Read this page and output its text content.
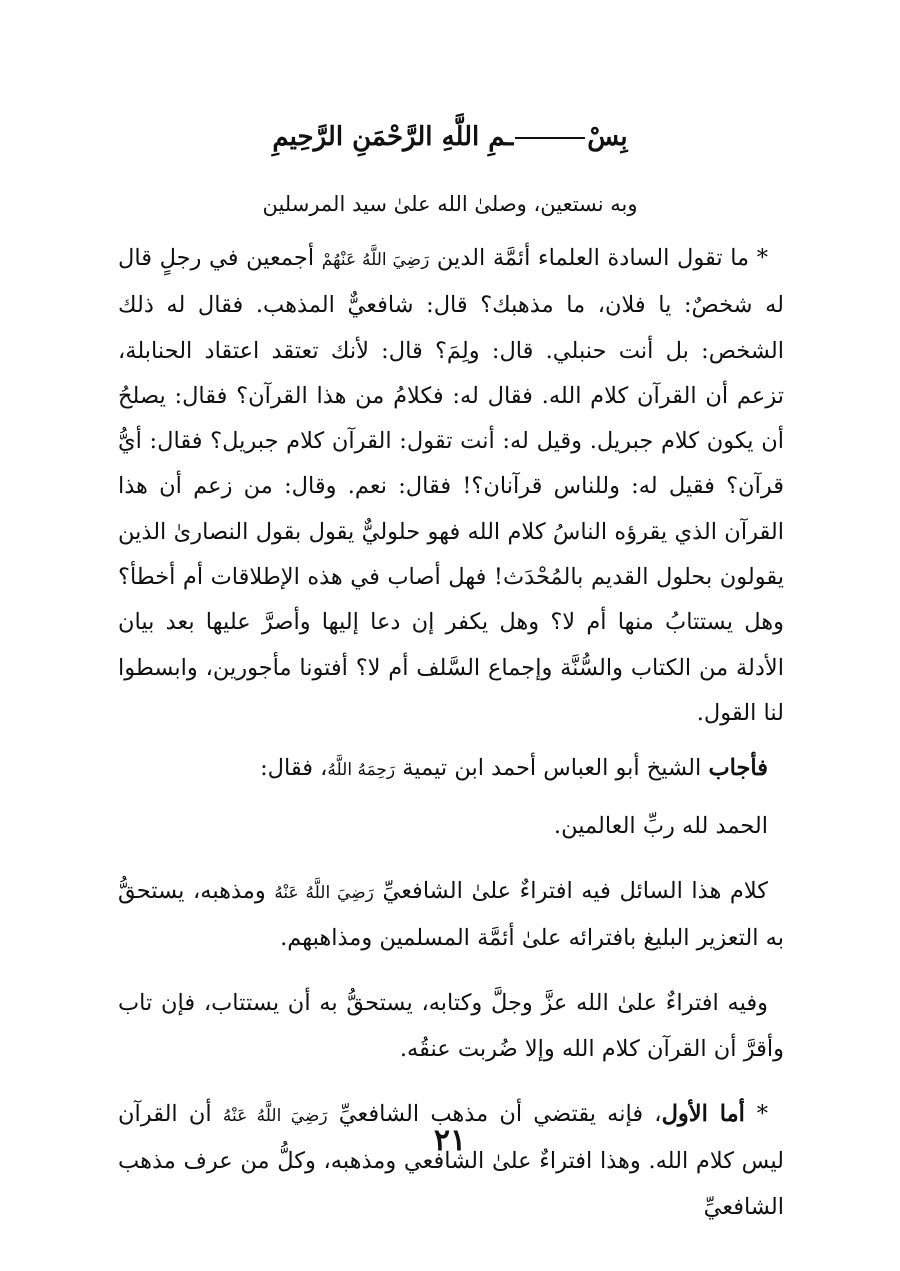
بِسْـمِ اللَّهِ الرَّحْمَنِ الرَّحِيمِ
وبه نستعين، وصلىٰ الله علىٰ سيد المرسلين

* ما تقول السادة العلماء أئمَّة الدين رَضِيَ اللَّهُ عَنْهُمْ أجمعين في رجلٍ قال له شخصٌ: يا فلان، ما مذهبك؟ قال: شافعيٌّ المذهب. فقال له ذلك الشخص: بل أنت حنبلي. قال: ولِمَ؟ قال: لأنك تعتقد اعتقاد الحنابلة، تزعم أن القرآن كلام الله. فقال له: فكلامُ من هذا القرآن؟ فقال: يصلحُ أن يكون كلام جبريل. وقيل له: أنت تقول: القرآن كلام جبريل؟ فقال: أيُّ قرآن؟ فقيل له: وللناس قرآنان؟! فقال: نعم. وقال: من زعم أن هذا القرآن الذي يقرؤه الناسُ كلام الله فهو حلوليٌّ يقول بقول النصارىٰ الذين يقولون بحلول القديم بالمُحْدَث! فهل أصاب في هذه الإطلاقات أم أخطأ؟ وهل يستتابُ منها أم لا؟ وهل يكفر إن دعا إليها وأصرَّ عليها بعد بيان الأدلة من الكتاب والسُّنَّة وإجماع السَّلف أم لا؟ أفتونا مأجورين، وابسطوا لنا القول.

فأجاب الشيخ أبو العباس أحمد ابن تيمية رَحِمَهُ اللَّهُ، فقال:

الحمد لله ربِّ العالمين.

كلام هذا السائل فيه افتراءٌ علىٰ الشافعيِّ رَضِيَ اللَّهُ عَنْهُ ومذهبه، يستحقُّ به التعزير البليغ بافترائه علىٰ أئمَّة المسلمين ومذاهبهم.

وفيه افتراءٌ علىٰ الله عزَّ وجلَّ وكتابه، يستحقُّ به أن يستتاب، فإن تاب وأقرَّ أن القرآن كلام الله وإلا ضُربت عنقُه.

* أما الأول، فإنه يقتضي أن مذهب الشافعيِّ رَضِيَ اللَّهُ عَنْهُ أن القرآن ليس كلام الله. وهذا افتراءٌ علىٰ الشافعي ومذهبه، وكلُّ من عرف مذهب الشافعيِّ

٢١
